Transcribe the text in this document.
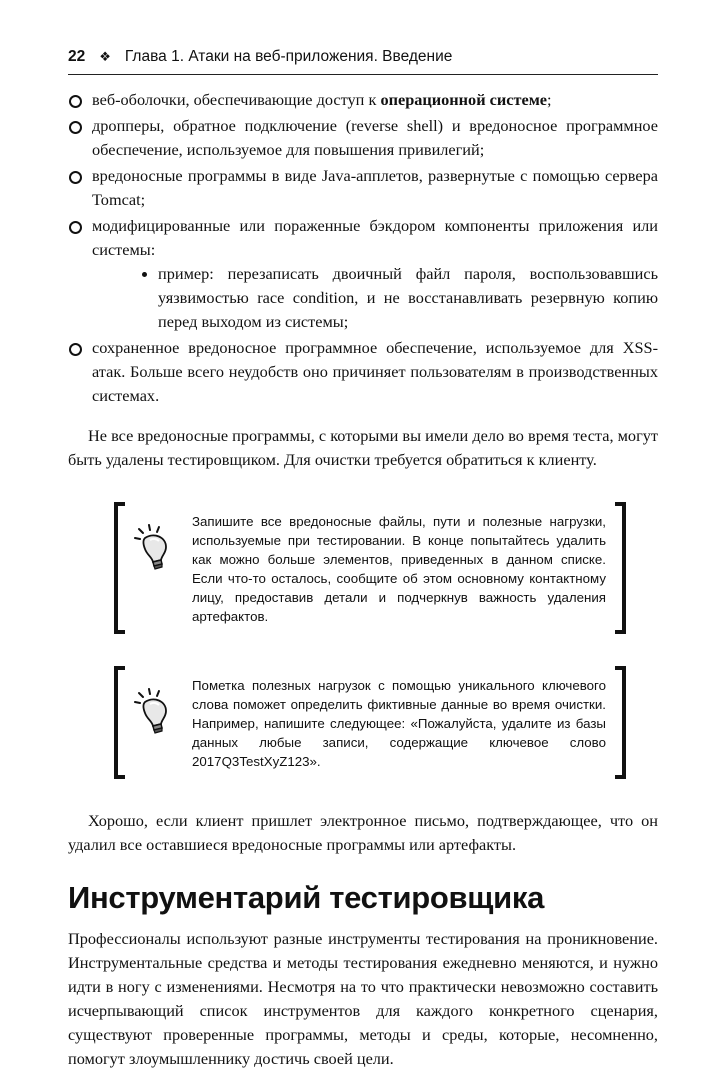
22 ❖ Глава 1. Атаки на веб-приложения. Введение
веб-оболочки, обеспечивающие доступ к операционной системе;
дропперы, обратное подключение (reverse shell) и вредоносное программное обеспечение, используемое для повышения привилегий;
вредоносные программы в виде Java-апплетов, развернутые с помощью сервера Tomcat;
модифицированные или пораженные бэкдором компоненты приложения или системы:
пример: перезаписать двоичный файл пароля, воспользовавшись уязвимостью race condition, и не восстанавливать резервную копию перед выходом из системы;
сохраненное вредоносное программное обеспечение, используемое для XSS-атак. Больше всего неудобств оно причиняет пользователям в производственных системах.

Не все вредоносные программы, с которыми вы имели дело во время теста, могут быть удалены тестировщиком. Для очистки требуется обратиться к клиенту.

Запишите все вредоносные файлы, пути и полезные нагрузки, используемые при тестировании. В конце попытайтесь удалить как можно больше элементов, приведенных в данном списке. Если что-то осталось, сообщите об этом основному контактному лицу, предоставив детали и подчеркнув важность удаления артефактов.
Пометка полезных нагрузок с помощью уникального ключевого слова поможет определить фиктивные данные во время очистки. Например, напишите следующее: «Пожалуйста, удалите из базы данных любые записи, содержащие ключевое слово 2017Q3TestXyZ123».

Хорошо, если клиент пришлет электронное письмо, подтверждающее, что он удалил все оставшиеся вредоносные программы или артефакты.

Инструментарий тестировщика

Профессионалы используют разные инструменты тестирования на проникновение. Инструментальные средства и методы тестирования ежедневно меняются, и нужно идти в ногу с изменениями. Несмотря на то что практически невозможно составить исчерпывающий список инструментов для каждого конкретного сценария, существуют проверенные программы, методы и среды, которые, несомненно, помогут злоумышленнику достичь своей цели.
